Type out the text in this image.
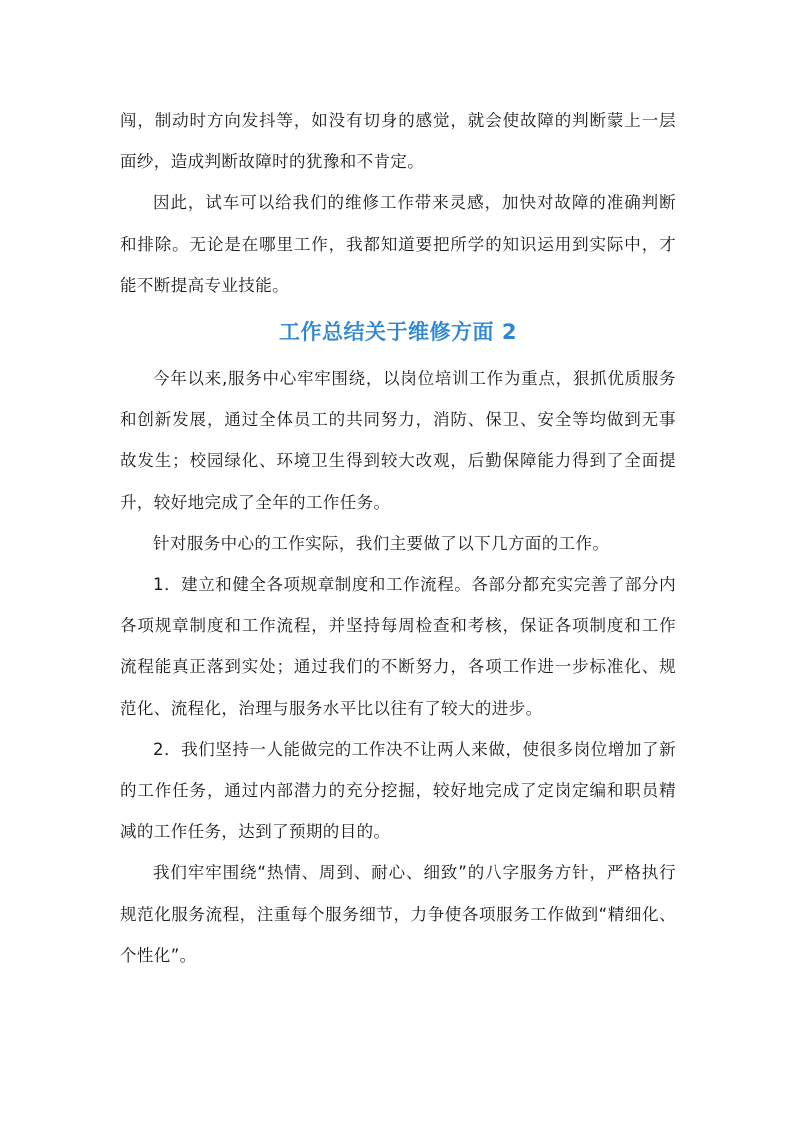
闯，制动时方向发抖等，如没有切身的感觉，就会使故障的判断蒙上一层面纱，造成判断故障时的犹豫和不肯定。

因此，试车可以给我们的维修工作带来灵感，加快对故障的准确判断和排除。无论是在哪里工作，我都知道要把所学的知识运用到实际中，才能不断提高专业技能。

工作总结关于维修方面 2

今年以来,服务中心牢牢围绕，以岗位培训工作为重点，狠抓优质服务和创新发展，通过全体员工的共同努力，消防、保卫、安全等均做到无事故发生；校园绿化、环境卫生得到较大改观，后勤保障能力得到了全面提升，较好地完成了全年的工作任务。

针对服务中心的工作实际，我们主要做了以下几方面的工作。

1．建立和健全各项规章制度和工作流程。各部分都充实完善了部分内各项规章制度和工作流程，并坚持每周检查和考核，保证各项制度和工作流程能真正落到实处；通过我们的不断努力，各项工作进一步标准化、规范化、流程化，治理与服务水平比以往有了较大的进步。

2．我们坚持一人能做完的工作决不让两人来做，使很多岗位增加了新的工作任务，通过内部潜力的充分挖掘，较好地完成了定岗定编和职员精减的工作任务，达到了预期的目的。

我们牢牢围绕“热情、周到、耐心、细致”的八字服务方针，严格执行规范化服务流程，注重每个服务细节，力争使各项服务工作做到“精细化、个性化”。
